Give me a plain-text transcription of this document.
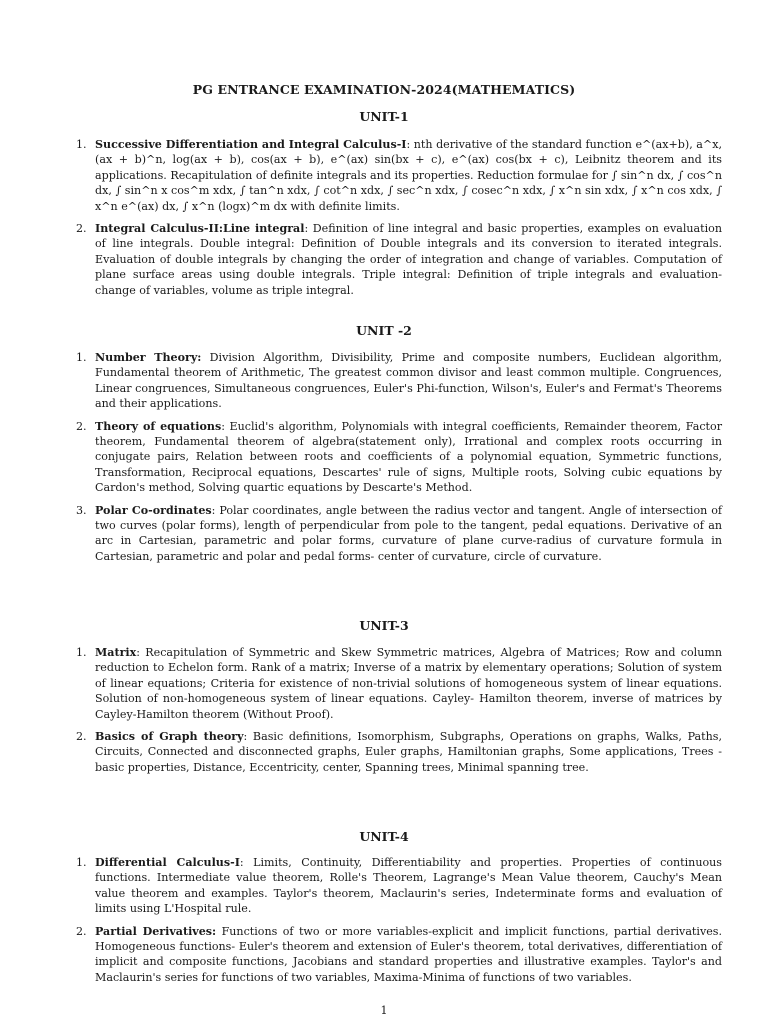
PG ENTRANCE EXAMINATION-2024(MATHEMATICS)
UNIT-1
1. Successive Differentiation and Integral Calculus-I: nth derivative of the standard function e^(ax+b), a^x, (ax + b)^n, log(ax + b), cos(ax + b), e^(ax) sin(bx + c), e^(ax) cos(bx + c), Leibnitz theorem and its applications. Recapitulation of definite integrals and its properties. Reduction formulae for ∫ sin^n dx, ∫ cos^n dx, ∫ sin^n x cos^m xdx, ∫ tan^n xdx, ∫ cot^n xdx, ∫ sec^n xdx, ∫ cosec^n xdx, ∫ x^n sin xdx, ∫ x^n cos xdx, ∫ x^n e^(ax) dx, ∫ x^n (logx)^m dx with definite limits.
2. Integral Calculus-II:Line integral: Definition of line integral and basic properties, examples on evaluation of line integrals. Double integral: Definition of Double integrals and its conversion to iterated integrals. Evaluation of double integrals by changing the order of integration and change of variables. Computation of plane surface areas using double integrals. Triple integral: Definition of triple integrals and evaluation- change of variables, volume as triple integral.
UNIT -2
1. Number Theory: Division Algorithm, Divisibility, Prime and composite numbers, Euclidean algorithm, Fundamental theorem of Arithmetic, The greatest common divisor and least common multiple. Congruences, Linear congruences, Simultaneous congruences, Euler's Phi-function, Wilson's, Euler's and Fermat's Theorems and their applications.
2. Theory of equations: Euclid's algorithm, Polynomials with integral coefficients, Remainder theorem, Factor theorem, Fundamental theorem of algebra(statement only), Irrational and complex roots occurring in conjugate pairs, Relation between roots and coefficients of a polynomial equation, Symmetric functions, Transformation, Reciprocal equations, Descartes' rule of signs, Multiple roots, Solving cubic equations by Cardon's method, Solving quartic equations by Descarte's Method.
3. Polar Co-ordinates: Polar coordinates, angle between the radius vector and tangent. Angle of intersection of two curves (polar forms), length of perpendicular from pole to the tangent, pedal equations. Derivative of an arc in Cartesian, parametric and polar forms, curvature of plane curve-radius of curvature formula in Cartesian, parametric and polar and pedal forms- center of curvature, circle of curvature.
UNIT-3
1. Matrix: Recapitulation of Symmetric and Skew Symmetric matrices, Algebra of Matrices; Row and column reduction to Echelon form. Rank of a matrix; Inverse of a matrix by elementary operations; Solution of system of linear equations; Criteria for existence of non-trivial solutions of homogeneous system of linear equations. Solution of non-homogeneous system of linear equations. Cayley- Hamilton theorem, inverse of matrices by Cayley-Hamilton theorem (Without Proof).
2. Basics of Graph theory: Basic definitions, Isomorphism, Subgraphs, Operations on graphs, Walks, Paths, Circuits, Connected and disconnected graphs, Euler graphs, Hamiltonian graphs, Some applications, Trees - basic properties, Distance, Eccentricity, center, Spanning trees, Minimal spanning tree.
UNIT-4
1. Differential Calculus-I: Limits, Continuity, Differentiability and properties. Properties of continuous functions. Intermediate value theorem, Rolle's Theorem, Lagrange's Mean Value theorem, Cauchy's Mean value theorem and examples. Taylor's theorem, Maclaurin's series, Indeterminate forms and evaluation of limits using L'Hospital rule.
2. Partial Derivatives: Functions of two or more variables-explicit and implicit functions, partial derivatives. Homogeneous functions- Euler's theorem and extension of Euler's theorem, total derivatives, differentiation of implicit and composite functions, Jacobians and standard properties and illustrative examples. Taylor's and Maclaurin's series for functions of two variables, Maxima-Minima of functions of two variables.
1
